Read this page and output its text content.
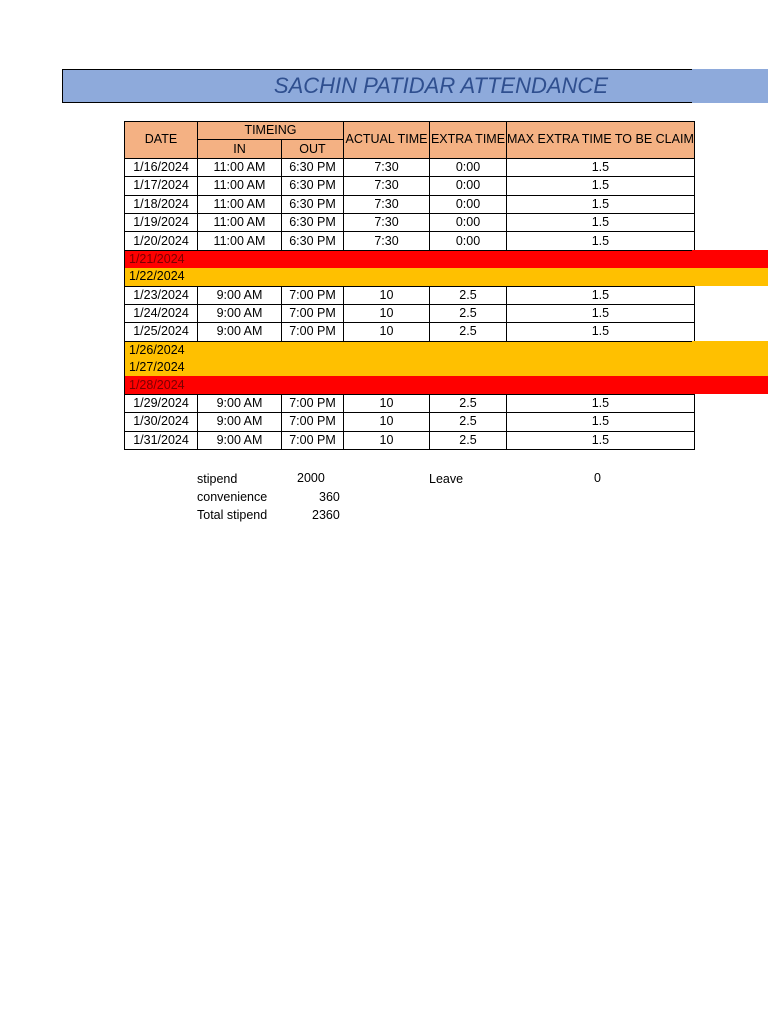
SACHIN PATIDAR ATTENDANCE
DATE	TIMEING		ACTUAL TIME	EXTRA TIME	MAX EXTRA TIME TO BE CLAIM
	IN	OUT			
1/16/2024	11:00 AM	6:30 PM	7:30	0:00	1.5
1/17/2024	11:00 AM	6:30 PM	7:30	0:00	1.5
1/18/2024	11:00 AM	6:30 PM	7:30	0:00	1.5
1/19/2024	11:00 AM	6:30 PM	7:30	0:00	1.5
1/20/2024	11:00 AM	6:30 PM	7:30	0:00	1.5
1/21/2024					
1/22/2024					
1/23/2024	9:00 AM	7:00 PM	10	2.5	1.5
1/24/2024	9:00 AM	7:00 PM	10	2.5	1.5
1/25/2024	9:00 AM	7:00 PM	10	2.5	1.5
1/26/2024					
1/27/2024					
1/28/2024					
1/29/2024	9:00 AM	7:00 PM	10	2.5	1.5
1/30/2024	9:00 AM	7:00 PM	10	2.5	1.5
1/31/2024	9:00 AM	7:00 PM	10	2.5	1.5
stipend	2000
convenience	360
Total stipend	2360
Leave	0
